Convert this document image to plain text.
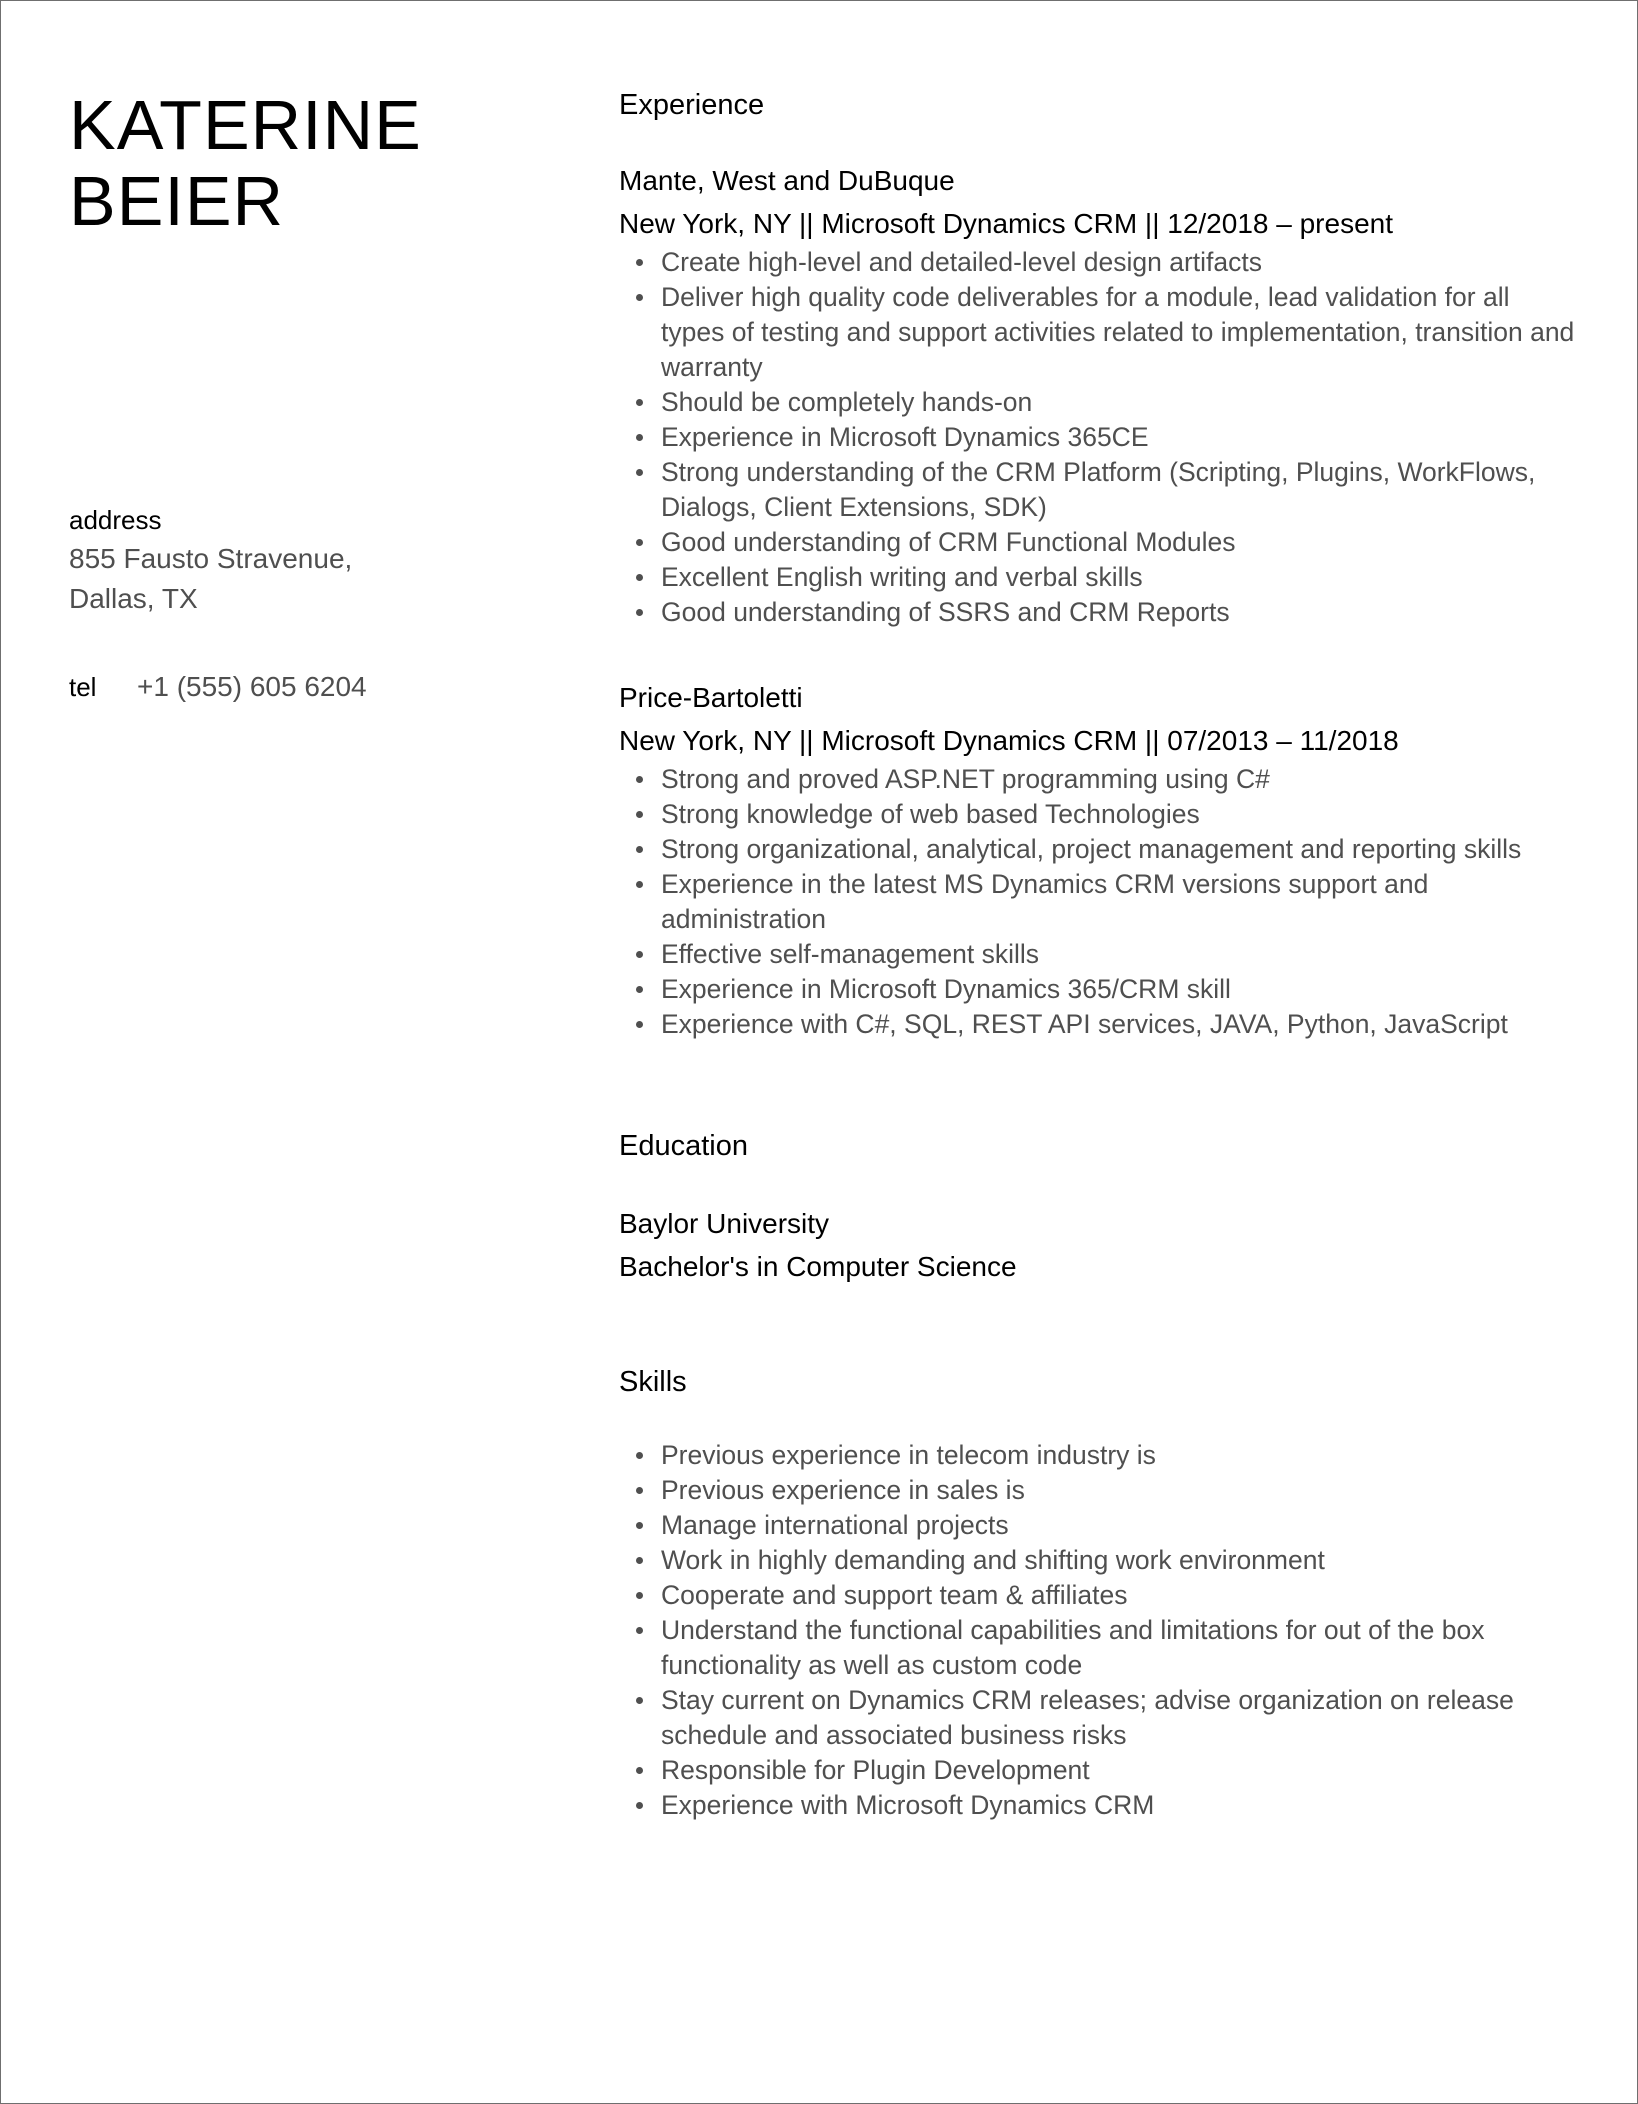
KATERINE
BEIER
address
855 Fausto Stravenue,
Dallas, TX
tel +1 (555) 605 6204
Experience
Mante, West and DuBuque
New York, NY || Microsoft Dynamics CRM || 12/2018 – present
Create high-level and detailed-level design artifacts
Deliver high quality code deliverables for a module, lead validation for all types of testing and support activities related to implementation, transition and warranty
Should be completely hands-on
Experience in Microsoft Dynamics 365CE
Strong understanding of the CRM Platform (Scripting, Plugins, WorkFlows, Dialogs, Client Extensions, SDK)
Good understanding of CRM Functional Modules
Excellent English writing and verbal skills
Good understanding of SSRS and CRM Reports
Price-Bartoletti
New York, NY || Microsoft Dynamics CRM || 07/2013 – 11/2018
Strong and proved ASP.NET programming using C#
Strong knowledge of web based Technologies
Strong organizational, analytical, project management and reporting skills
Experience in the latest MS Dynamics CRM versions support and administration
Effective self-management skills
Experience in Microsoft Dynamics 365/CRM skill
Experience with C#, SQL, REST API services, JAVA, Python, JavaScript
Education
Baylor University
Bachelor's in Computer Science
Skills
Previous experience in telecom industry is
Previous experience in sales is
Manage international projects
Work in highly demanding and shifting work environment
Cooperate and support team & affiliates
Understand the functional capabilities and limitations for out of the box functionality as well as custom code
Stay current on Dynamics CRM releases; advise organization on release schedule and associated business risks
Responsible for Plugin Development
Experience with Microsoft Dynamics CRM
